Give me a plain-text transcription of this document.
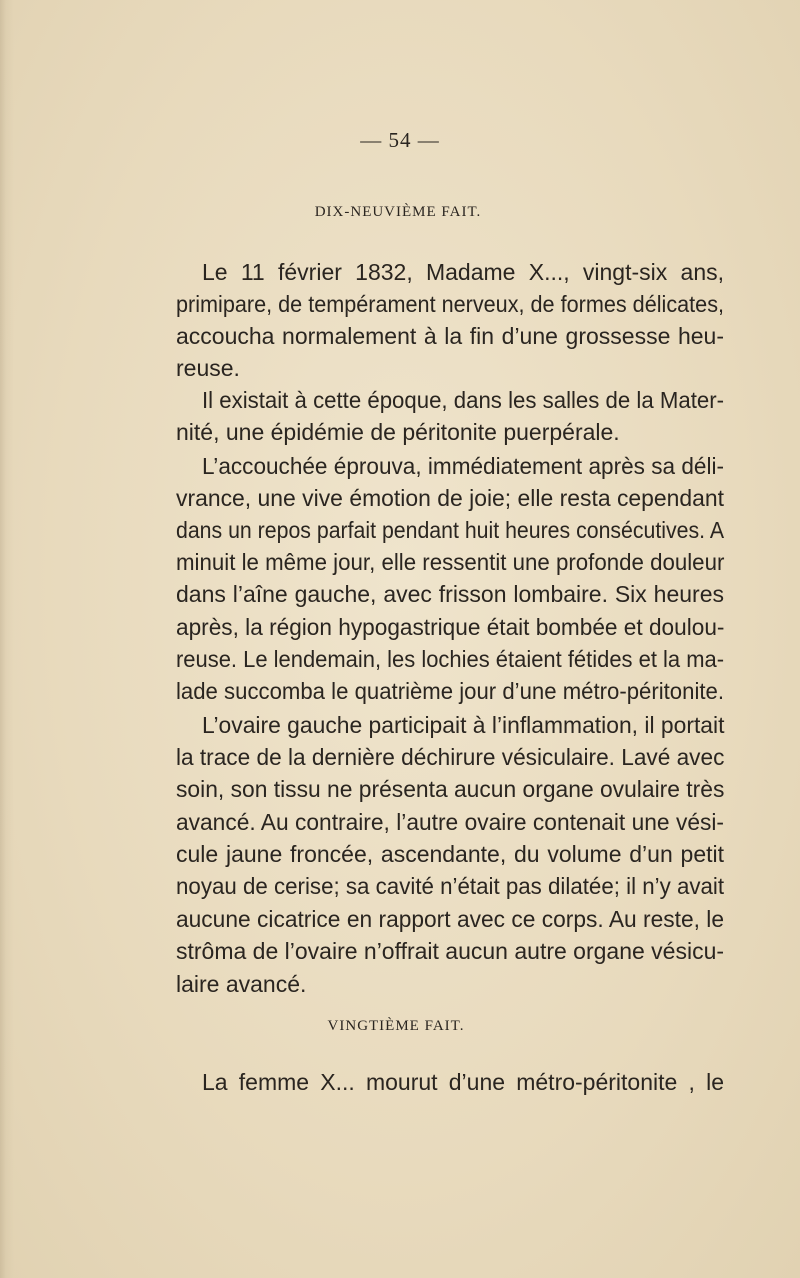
— 54 —
DIX-NEUVIÈME FAIT.
Le 11 février 1832, Madame X..., vingt-six ans,
primipare, de tempérament nerveux, de formes délicates,
accoucha normalement à la fin d’une grossesse heu-
reuse.
Il existait à cette époque, dans les salles de la Mater-
nité, une épidémie de péritonite puerpérale.
L’accouchée éprouva, immédiatement après sa déli-
vrance, une vive émotion de joie; elle resta cependant
dans un repos parfait pendant huit heures consécutives. A
minuit le même jour, elle ressentit une profonde douleur
dans l’aîne gauche, avec frisson lombaire. Six heures
après, la région hypogastrique était bombée et doulou-
reuse. Le lendemain, les lochies étaient fétides et la ma-
lade succomba le quatrième jour d’une métro-péritonite.
L’ovaire gauche participait à l’inflammation, il portait
la trace de la dernière déchirure vésiculaire. Lavé avec
soin, son tissu ne présenta aucun organe ovulaire très
avancé. Au contraire, l’autre ovaire contenait une vési-
cule jaune froncée, ascendante, du volume d’un petit
noyau de cerise; sa cavité n’était pas dilatée; il n’y avait
aucune cicatrice en rapport avec ce corps. Au reste, le
strôma de l’ovaire n’offrait aucun autre organe vésicu-
laire avancé.
VINGTIÈME FAIT.
La femme X... mourut d’une métro-péritonite , le
